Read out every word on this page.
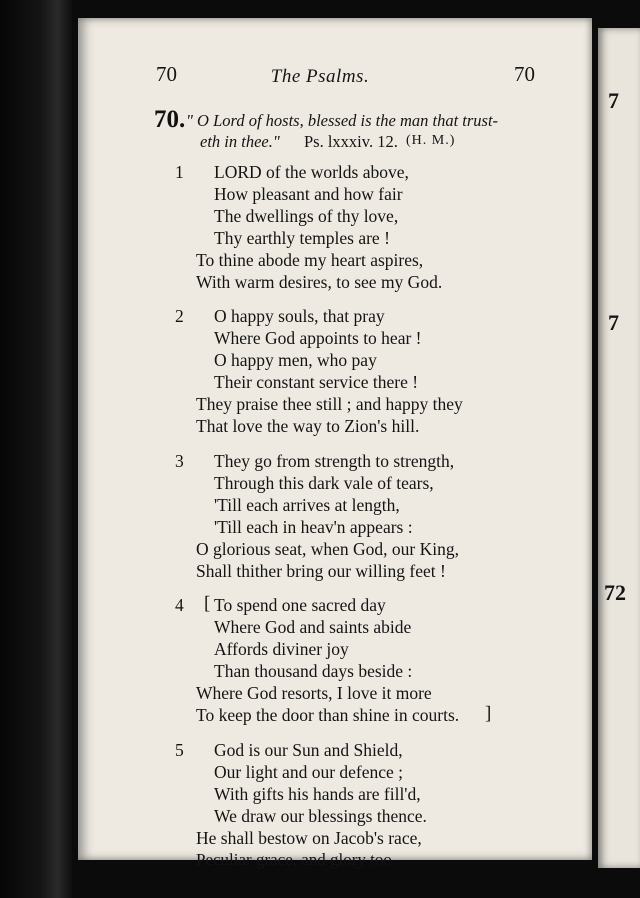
7
7
72
70	The Psalms.	70
70. " O Lord of hosts, blessed is the man that trust-
eth in thee." Ps. lxxxiv. 12. (H. M.)
1 LORD of the worlds above,
How pleasant and how fair
The dwellings of thy love,
Thy earthly temples are !
To thine abode my heart aspires,
With warm desires, to see my God.
2 O happy souls, that pray
Where God appoints to hear !
O happy men, who pay
Their constant service there !
They praise thee still ; and happy they
That love the way to Zion's hill.
3 They go from strength to strength,
Through this dark vale of tears,
'Till each arrives at length,
'Till each in heav'n appears :
O glorious seat, when God, our King,
Shall thither bring our willing feet !
4 [ To spend one sacred day
Where God and saints abide
Affords diviner joy
Than thousand days beside :
Where God resorts, I love it more
To keep the door than shine in courts. ]
5 God is our Sun and Shield,
Our light and our defence ;
With gifts his hands are fill'd,
We draw our blessings thence.
He shall bestow on Jacob's race,
Peculiar grace, and glory too.
